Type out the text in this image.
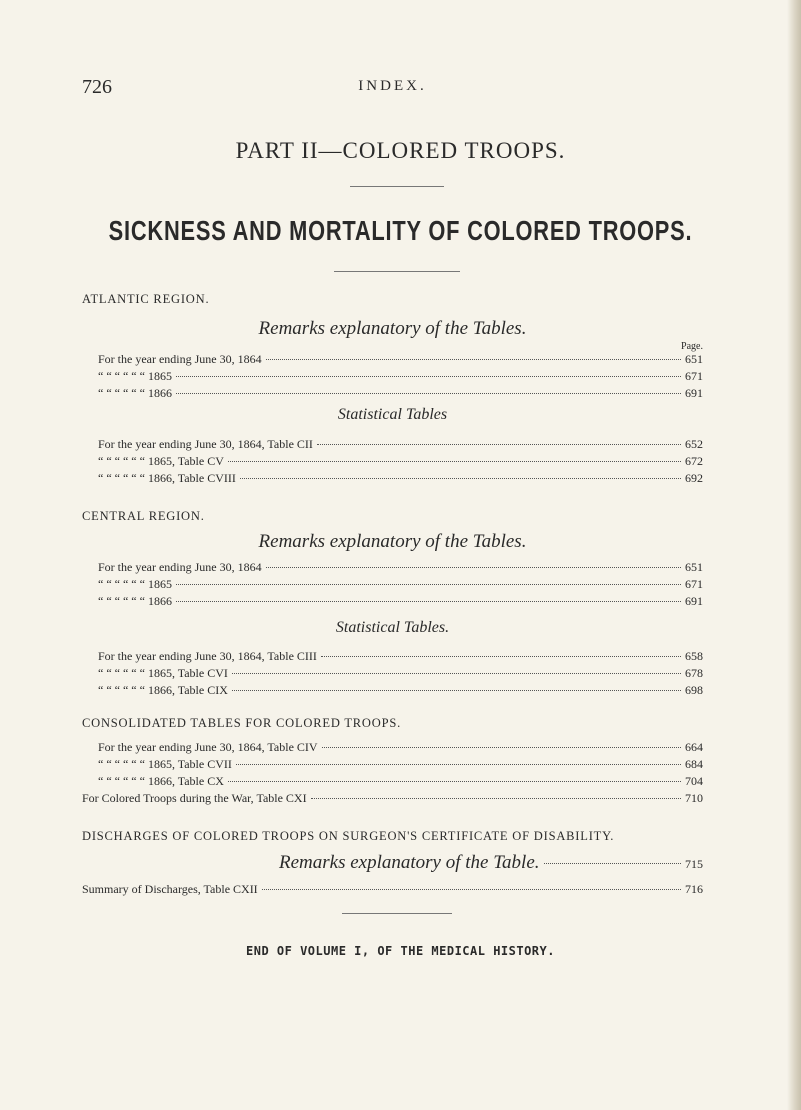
726	INDEX.
PART II—COLORED TROOPS.
SICKNESS AND MORTALITY OF COLORED TROOPS.
ATLANTIC REGION.
Remarks explanatory of the Tables.
Page.
For the year ending June 30, 1864	651
“ “ “ “ “ “ 1865	671
“ “ “ “ “ “ 1866	691
Statistical Tables
For the year ending June 30, 1864, Table CII	652
“ “ “ “ “ “ 1865, Table CV	672
“ “ “ “ “ “ 1866, Table CVIII	692
CENTRAL REGION.
Remarks explanatory of the Tables.
For the year ending June 30, 1864	651
“ “ “ “ “ “ 1865	671
“ “ “ “ “ “ 1866	691
Statistical Tables.
For the year ending June 30, 1864, Table CIII	658
“ “ “ “ “ “ 1865, Table CVI	678
“ “ “ “ “ “ 1866, Table CIX	698
CONSOLIDATED TABLES FOR COLORED TROOPS.
For the year ending June 30, 1864, Table CIV	664
“ “ “ “ “ “ 1865, Table CVII	684
“ “ “ “ “ “ 1866, Table CX	704
For Colored Troops during the War, Table CXI	710
DISCHARGES OF COLORED TROOPS ON SURGEON'S CERTIFICATE OF DISABILITY.
Remarks explanatory of the Table.	715
Summary of Discharges, Table CXII	716
END OF VOLUME I, OF THE MEDICAL HISTORY.
